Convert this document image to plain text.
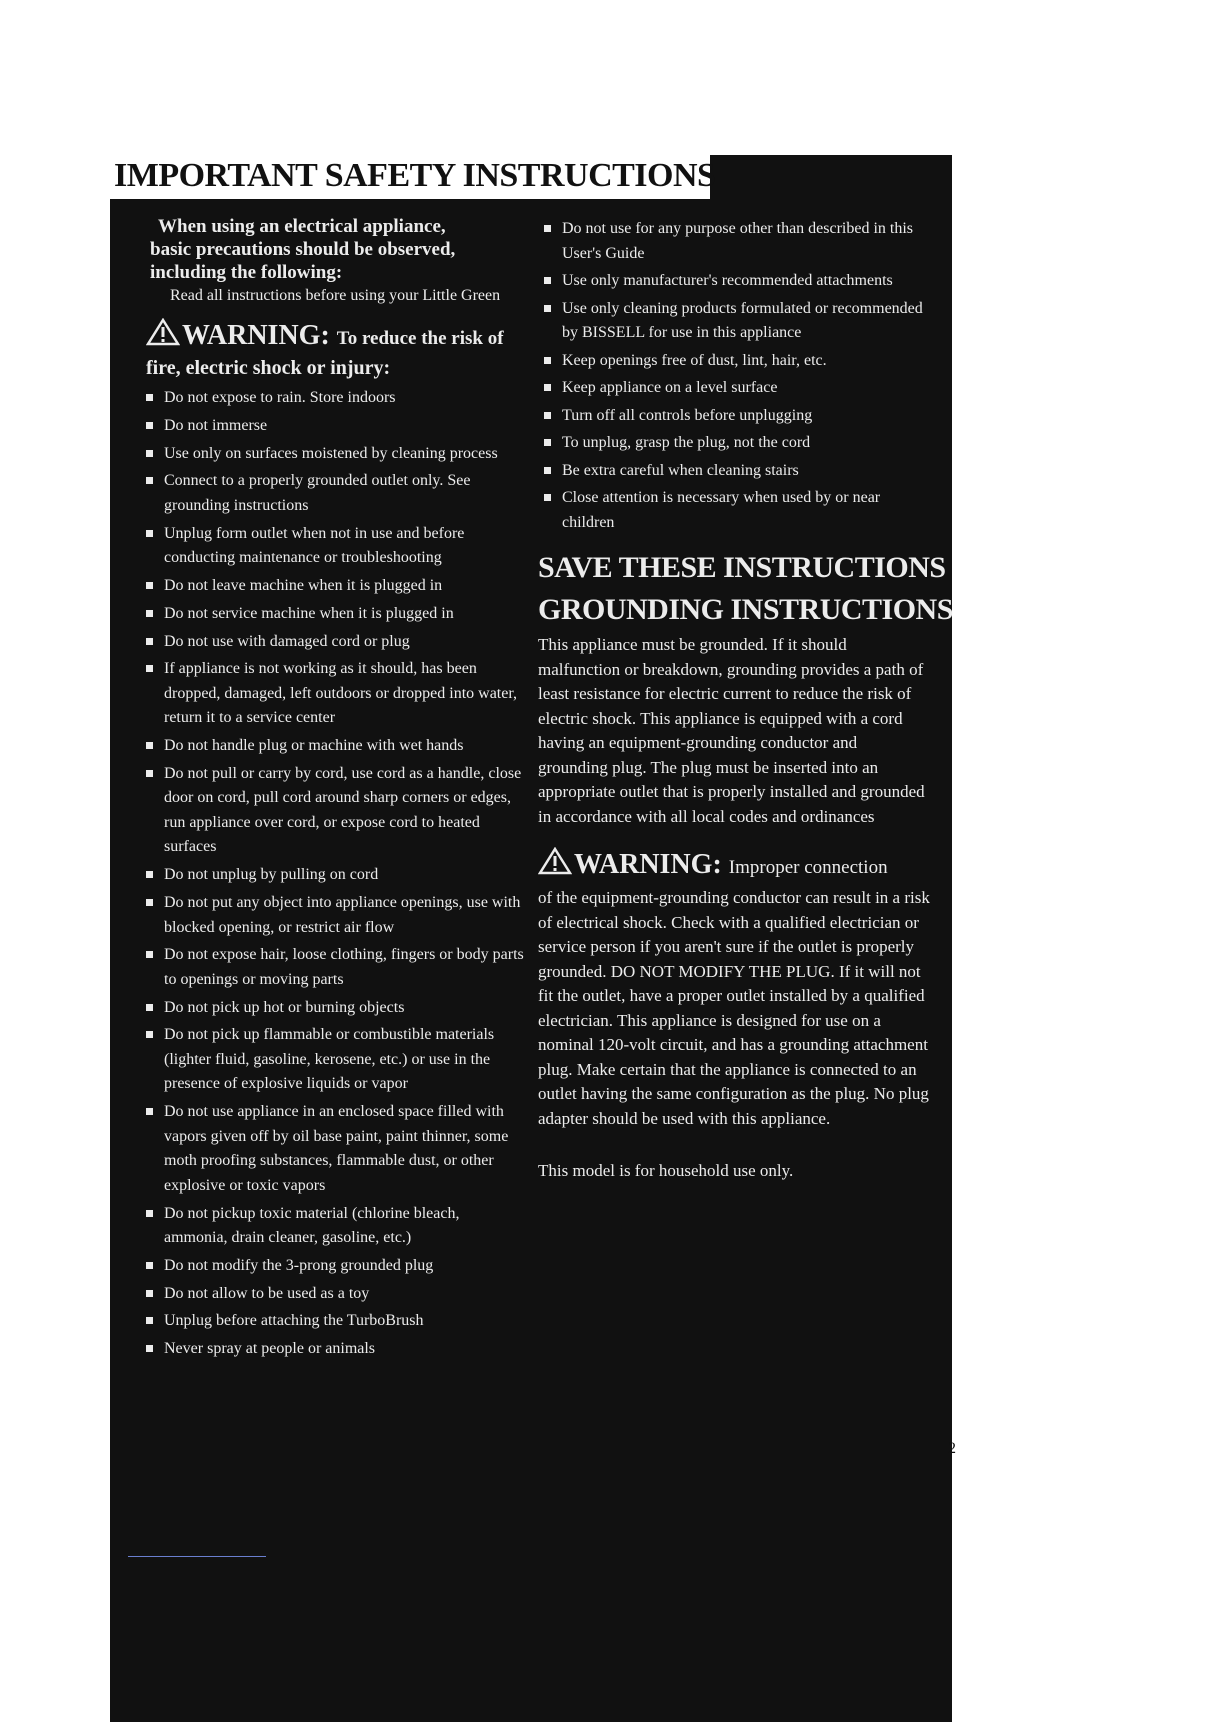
IMPORTANT SAFETY INSTRUCTIONS

When using an electrical appliance,
basic precautions should be observed,
including the following:

Read all instructions before using your Little Green

WARNING: To reduce the risk of

fire, electric shock or injury:

Do not expose to rain. Store indoors
Do not immerse
Use only on surfaces moistened by cleaning process
Connect to a properly grounded outlet only. See grounding instructions
Unplug form outlet when not in use and before conducting maintenance or troubleshooting
Do not leave machine when it is plugged in
Do not service machine when it is plugged in
Do not use with damaged cord or plug
If appliance is not working as it should, has been dropped, damaged, left outdoors or dropped into water, return it to a service center
Do not handle plug or machine with wet hands
Do not pull or carry by cord, use cord as a handle, close door on cord, pull cord around sharp corners or edges, run appliance over cord, or expose cord to heated surfaces
Do not unplug by pulling on cord
Do not put any object into appliance openings, use with blocked opening, or restrict air flow
Do not expose hair, loose clothing, fingers or body parts to openings or moving parts
Do not pick up hot or burning objects
Do not pick up flammable or combustible materials (lighter fluid, gasoline, kerosene, etc.) or use in the presence of explosive liquids or vapor
Do not use appliance in an enclosed space filled with vapors given off by oil base paint, paint thinner, some moth proofing substances, flammable dust, or other explosive or toxic vapors
Do not pickup toxic material (chlorine bleach, ammonia, drain cleaner, gasoline, etc.)
Do not modify the 3-prong grounded plug
Do not allow to be used as a toy
Unplug before attaching the TurboBrush
Never spray at people or animals
Do not use for any purpose other than described in this User's Guide
Use only manufacturer's recommended attachments
Use only cleaning products formulated or recommended by BISSELL for use in this appliance
Keep openings free of dust, lint, hair, etc.
Keep appliance on a level surface
Turn off all controls before unplugging
To unplug, grasp the plug, not the cord
Be extra careful when cleaning stairs
Close attention is necessary when used by or near children
SAVE THESE INSTRUCTIONS
GROUNDING INSTRUCTIONS

This appliance must be grounded. If it should malfunction or breakdown, grounding provides a path of least resistance for electric current to reduce the risk of electric shock. This appliance is equipped with a cord having an equipment-grounding conductor and grounding plug. The plug must be inserted into an appropriate outlet that is properly installed and grounded in accordance with all local codes and ordinances

WARNING: Improper connection

of the equipment-grounding conductor can result in a risk of electrical shock. Check with a qualified electrician or service person if you aren't sure if the outlet is properly grounded. DO NOT MODIFY THE PLUG. If it will not fit the outlet, have a proper outlet installed by a qualified electrician. This appliance is designed for use on a nominal 120-volt circuit, and has a grounding attachment plug. Make certain that the appliance is connected to an outlet having the same configuration as the plug. No plug adapter should be used with this appliance.

This model is for household use only.

2
